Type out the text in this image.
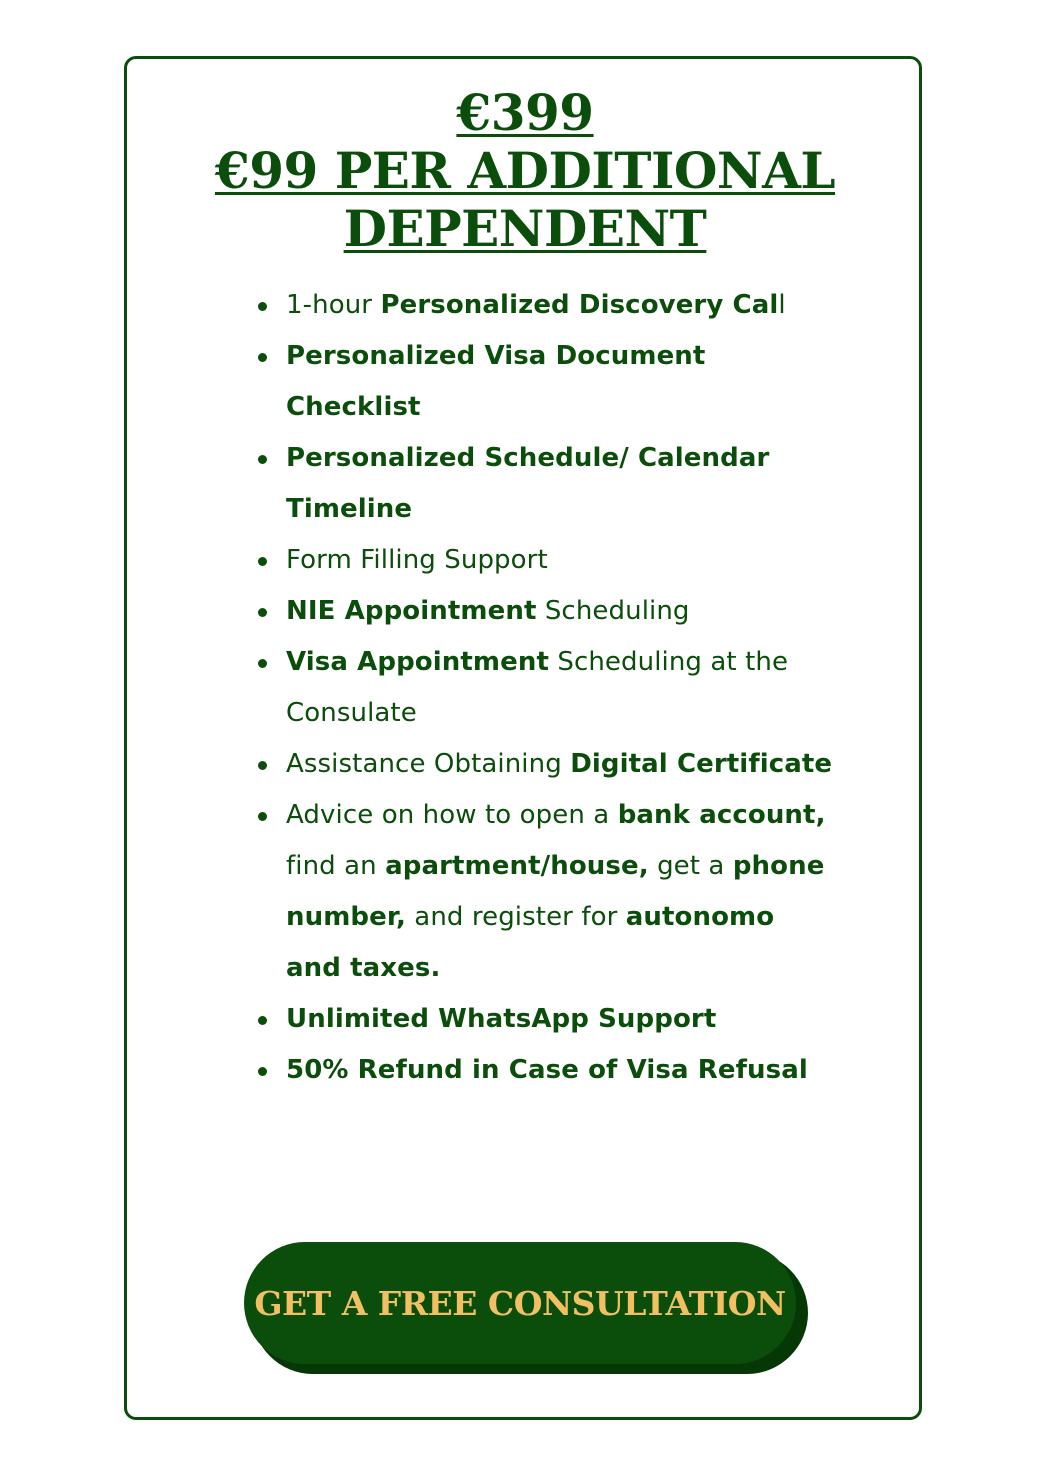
€399
€99 PER ADDITIONAL
DEPENDENT
1-hour Personalized Discovery Call
Personalized Visa Document Checklist
Personalized Schedule/ Calendar Timeline
Form Filling Support
NIE Appointment Scheduling
Visa Appointment Scheduling at the Consulate
Assistance Obtaining Digital Certificate
Advice on how to open a bank account, find an apartment/house, get a phone number, and register for autonomo and taxes.
Unlimited WhatsApp Support
50% Refund in Case of Visa Refusal
GET A FREE CONSULTATION
